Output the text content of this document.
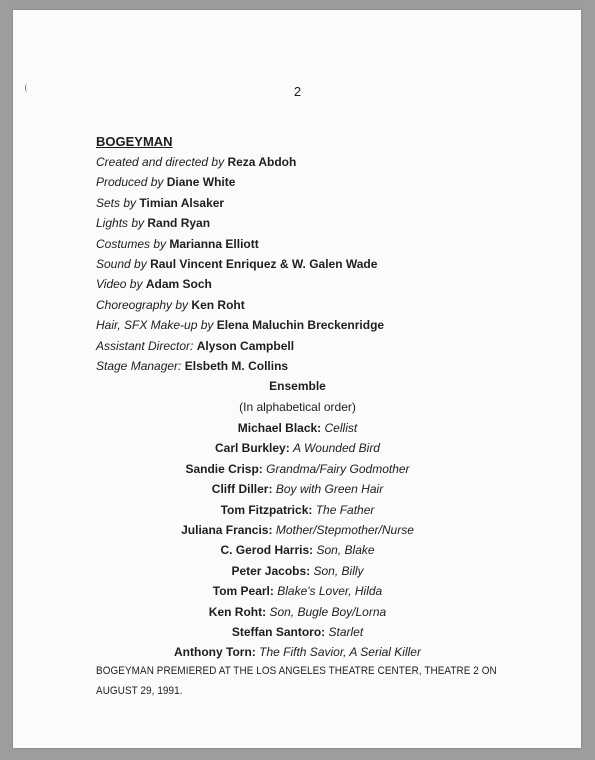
2
BOGEYMAN
Created and directed by Reza Abdoh
Produced by Diane White
Sets by Timian Alsaker
Lights by Rand Ryan
Costumes by Marianna Elliott
Sound by Raul Vincent Enriquez & W. Galen Wade
Video by Adam Soch
Choreography by Ken Roht
Hair, SFX Make-up by Elena Maluchin Breckenridge
Assistant Director: Alyson Campbell
Stage Manager: Elsbeth M. Collins
Ensemble
(In alphabetical order)
Michael Black: Cellist
Carl Burkley: A Wounded Bird
Sandie Crisp: Grandma/Fairy Godmother
Cliff Diller: Boy with Green Hair
Tom Fitzpatrick: The Father
Juliana Francis: Mother/Stepmother/Nurse
C. Gerod Harris: Son, Blake
Peter Jacobs: Son, Billy
Tom Pearl: Blake's Lover, Hilda
Ken Roht: Son, Bugle Boy/Lorna
Steffan Santoro: Starlet
Anthony Torn: The Fifth Savior, A Serial Killer
BOGEYMAN PREMIERED AT THE LOS ANGELES THEATRE CENTER, THEATRE 2 ON
AUGUST 29, 1991.
